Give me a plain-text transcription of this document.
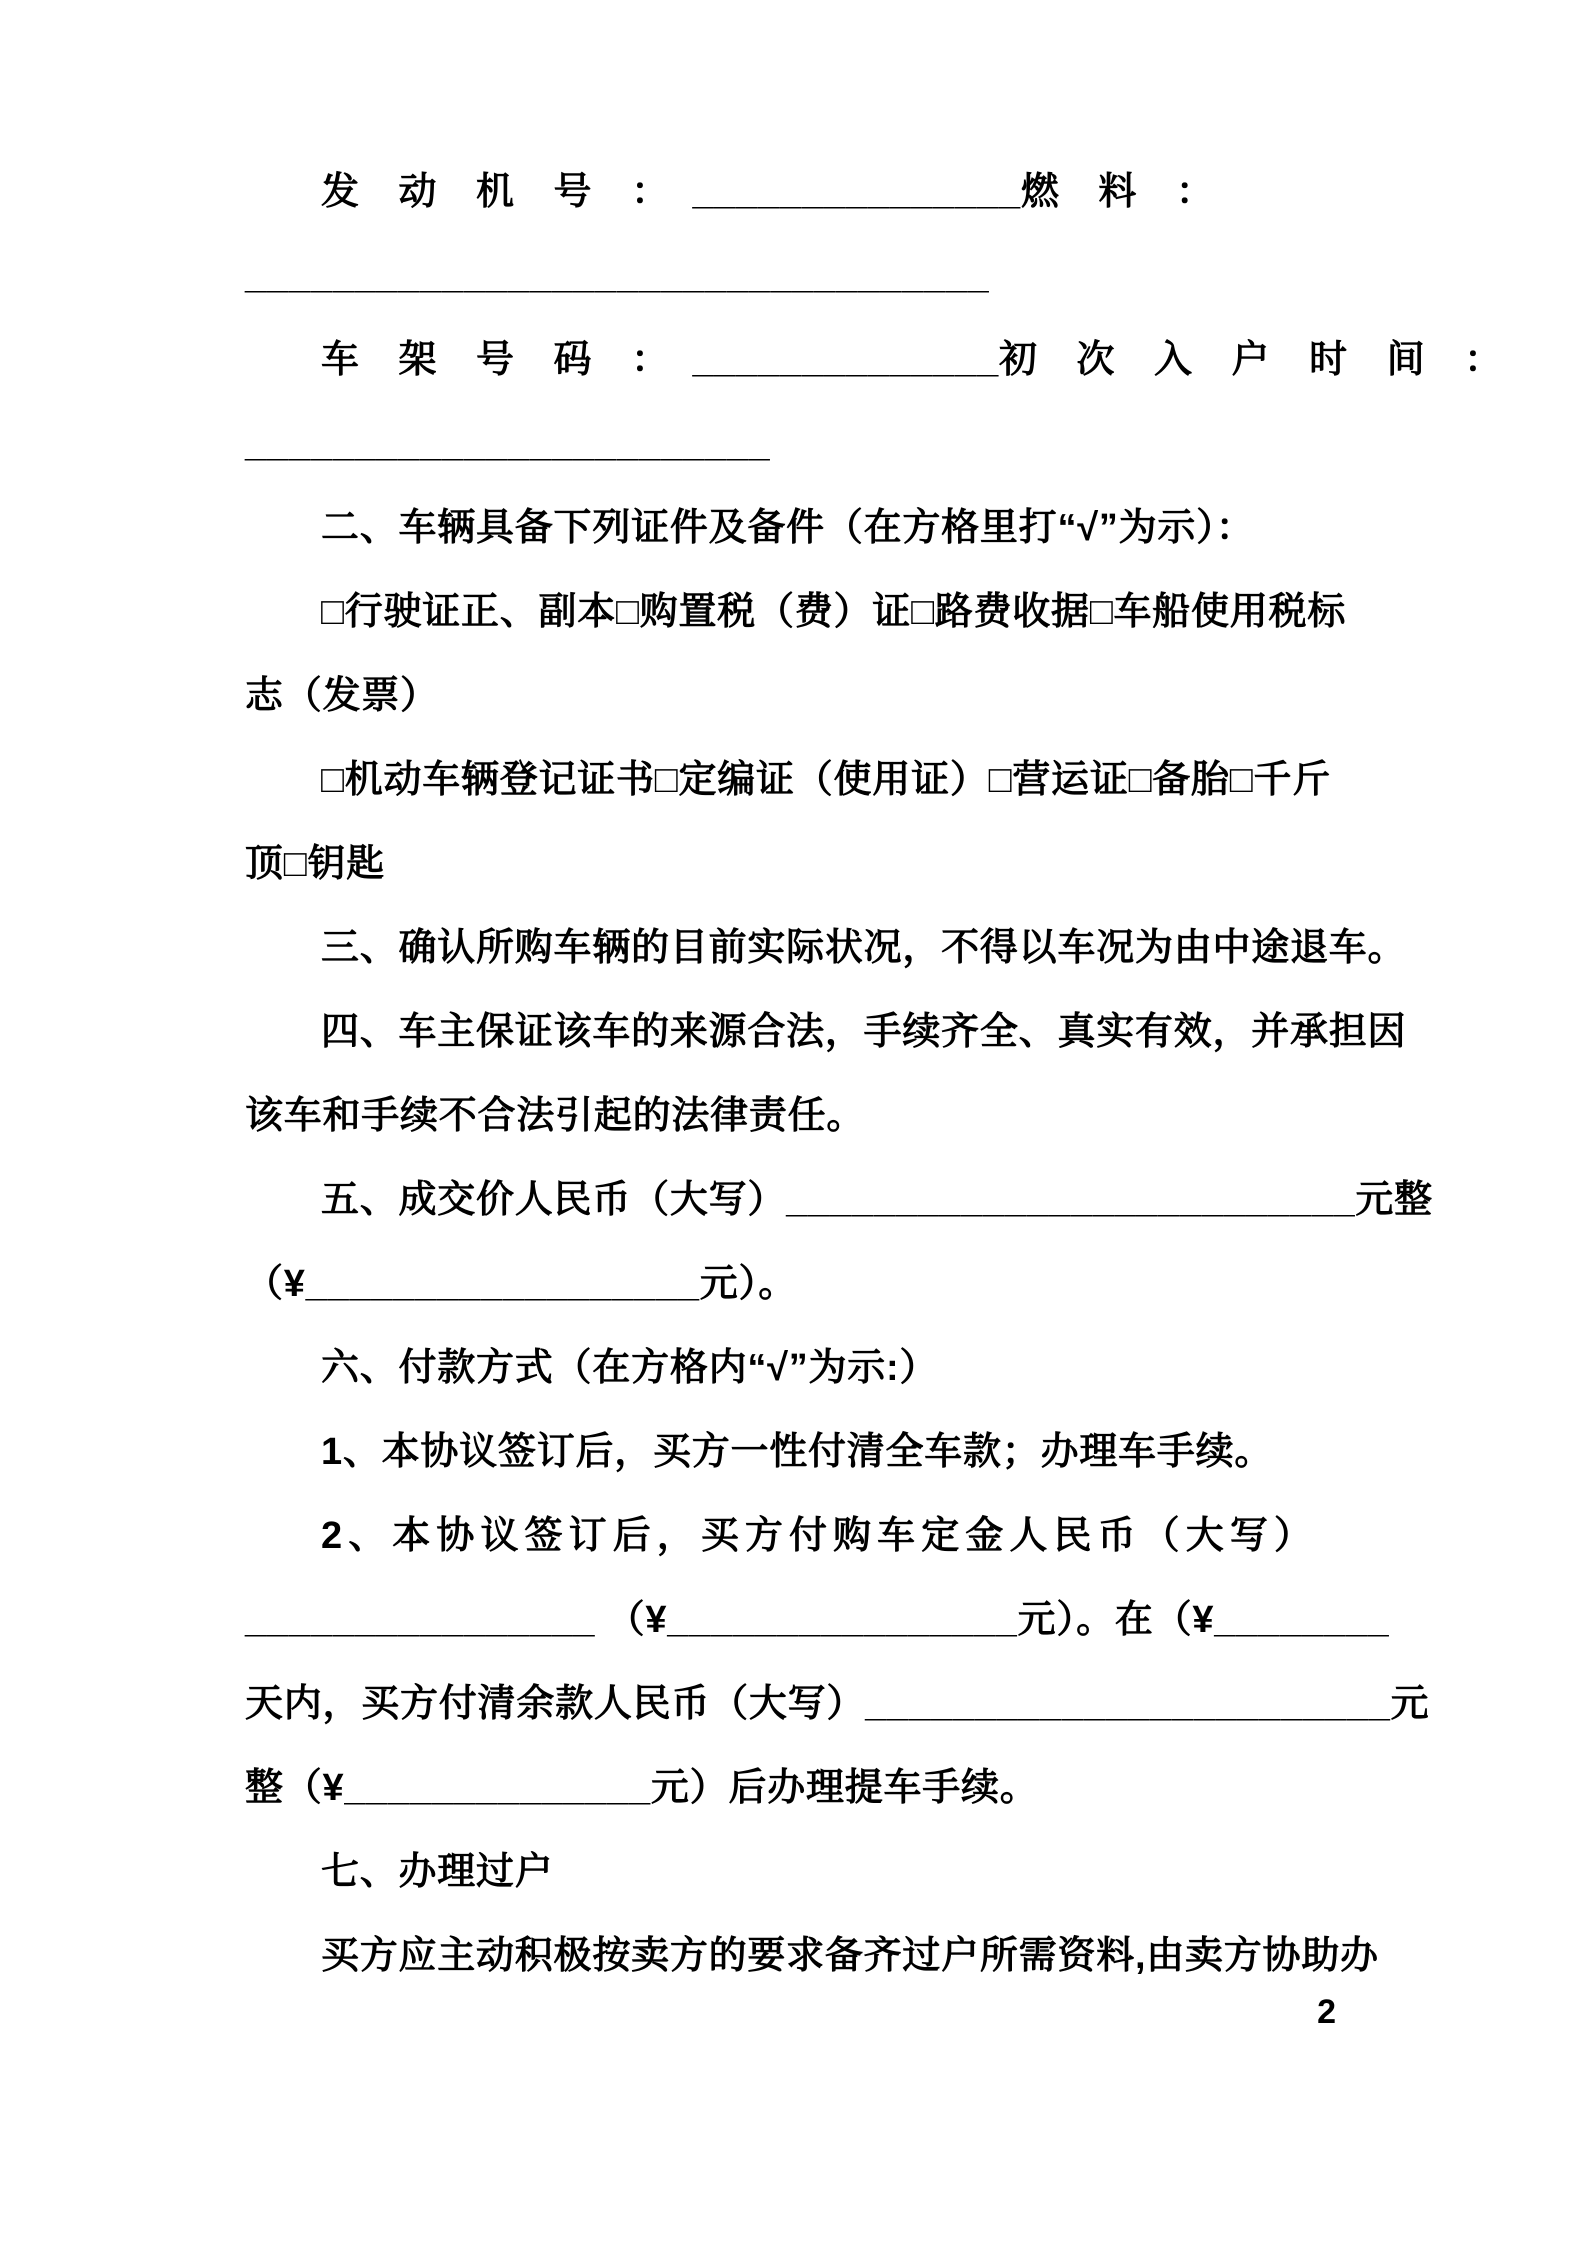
发　动　机　号　：  _______________燃　料　：
__________________________________
车　架　号　码　：  ______________初　次　入　户　时　间　：
________________________
二、车辆具备下列证件及备件（在方格里打“√”为示）：
□行驶证正、副本□购置税（费）证□路费收据□车船使用税标
志（发票）
□机动车辆登记证书□定编证（使用证）□营运证□备胎□千斤
顶□钥匙
三、确认所购车辆的目前实际状况，不得以车况为由中途退车。
四、车主保证该车的来源合法，手续齐全、真实有效，并承担因
该车和手续不合法引起的法律责任。
五、成交价人民币（大写）__________________________元整
（¥__________________元）。
六、付款方式（在方格内“√”为示:）
1、本协议签订后，买方一性付清全车款；办理车手续。
2、本协议签订后，买方付购车定金人民币（大写）
________________ （¥________________元）。在（¥________
天内，买方付清余款人民币（大写）________________________元
整（¥______________元）后办理提车手续。
七、办理过户
买方应主动积极按卖方的要求备齐过户所需资料,由卖方协助办
2
